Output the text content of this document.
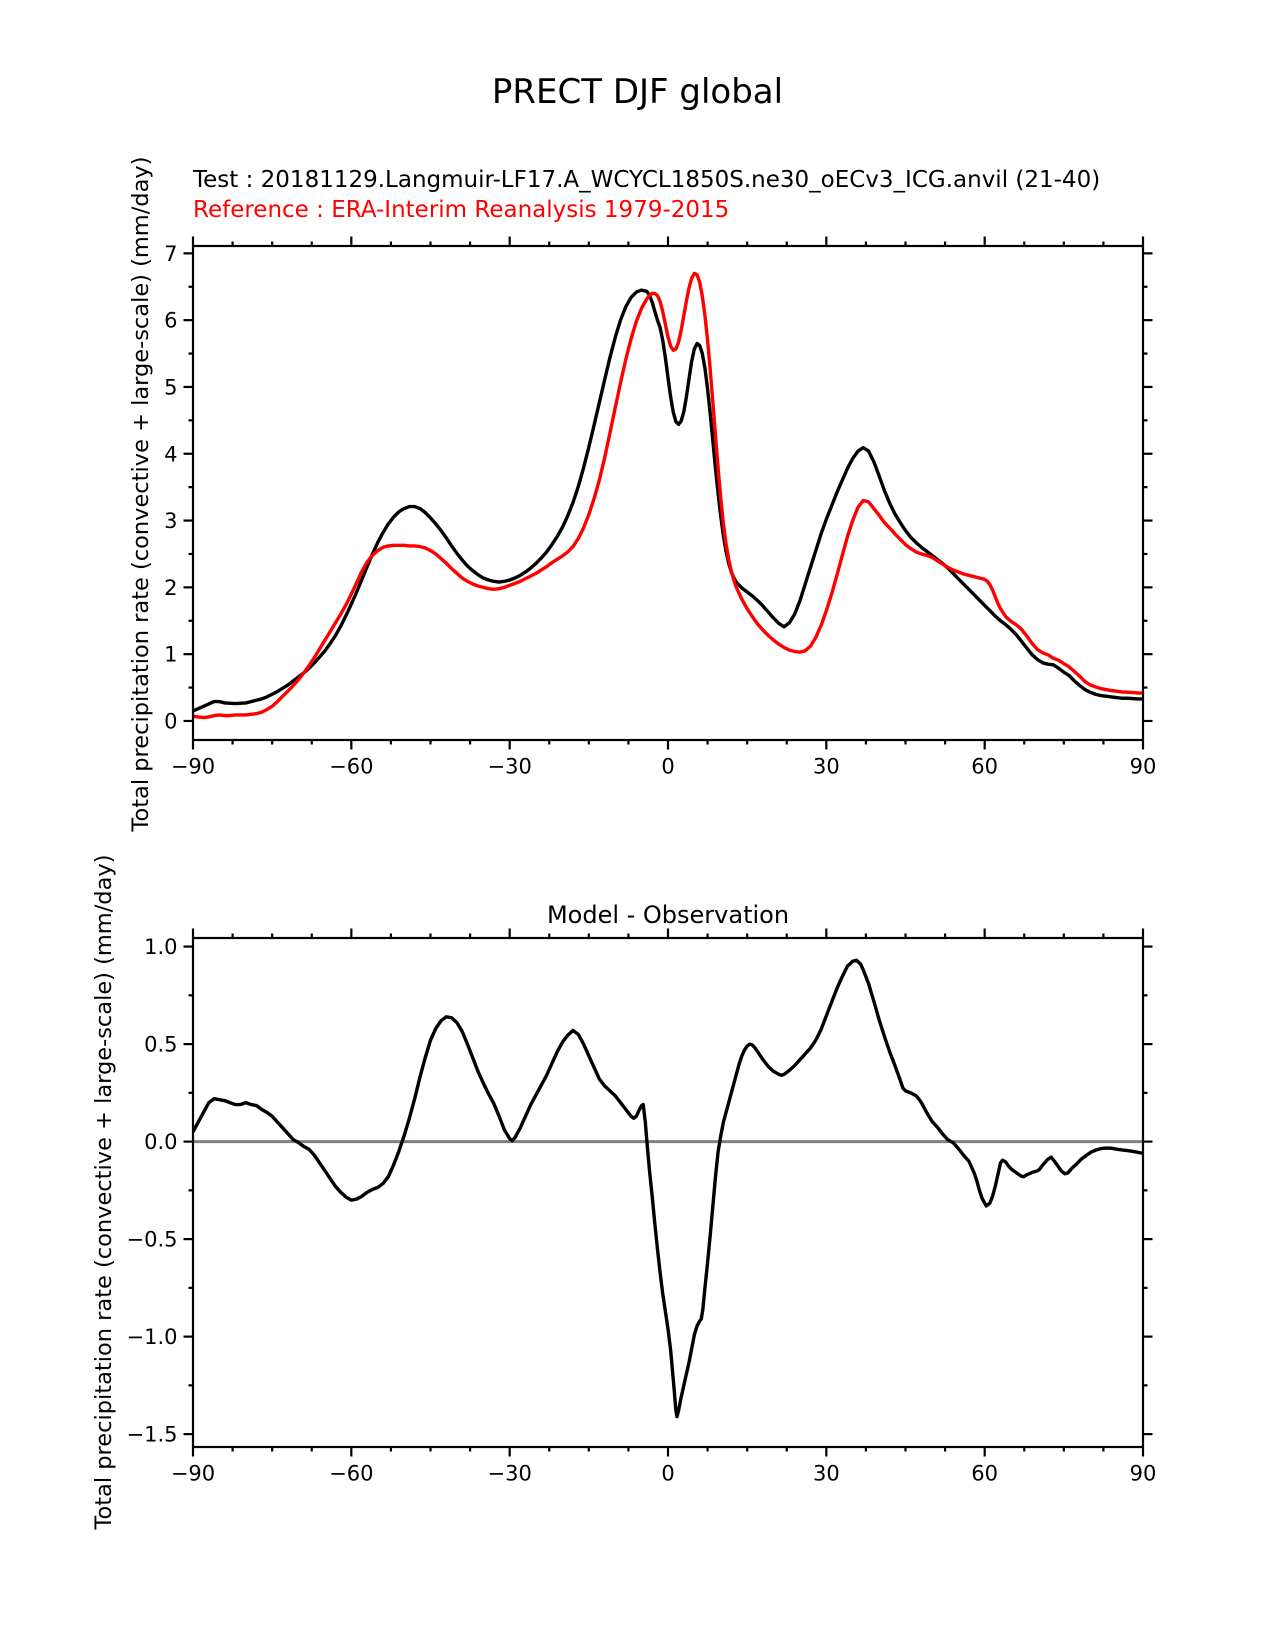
PRECT DJF global
Test : 20181129.Langmuir-LF17.A_WCYCL1850S.ne30_oECv3_ICG.anvil (21-40)
Reference : ERA-Interim Reanalysis 1979-2015
Total precipitation rate (convective + large-scale) (mm/day)
Total precipitation rate (convective + large-scale) (mm/day)	Model - Observation
−90	−60	−30	0	30	60	90
0
1
2
3
4
5
6
7
−90	−60	−30	0	30	60	90
−1.5
−1.0
−0.5
0.0
0.5
1.0
